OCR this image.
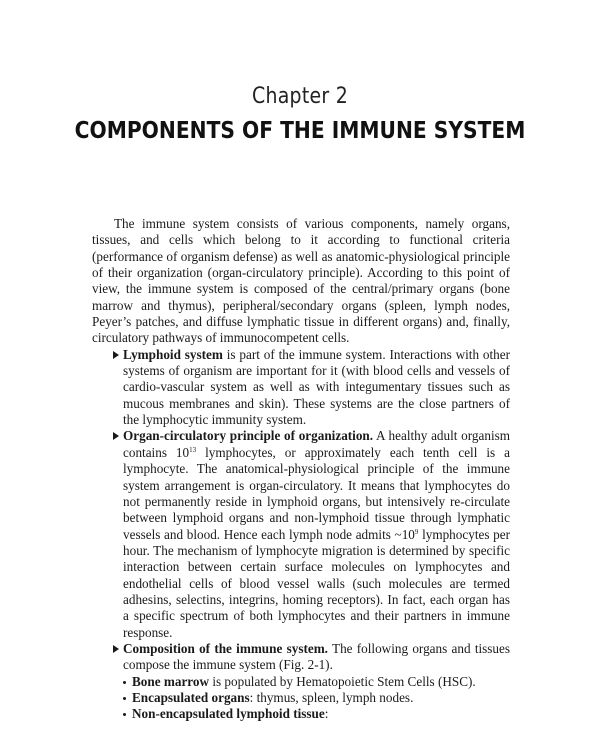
Chapter 2
COMPONENTS OF THE IMMUNE SYSTEM

The immune system consists of various components, namely organs, tissues, and cells which belong to it according to functional criteria (performance of organism defense) as well as anatomic-physiological principle of their organization (organ-circulatory principle). According to this point of view, the immune system is composed of the central/primary organs (bone marrow and thymus), peripheral/secondary organs (spleen, lymph nodes, Peyer’s patches, and diffuse lymphatic tissue in different organs) and, finally, circulatory pathways of immunocompetent cells.

Lymphoid system is part of the immune system. Interactions with other systems of organism are important for it (with blood cells and vessels of cardio-vascular system as well as with integumentary tissues such as mucous membranes and skin). These systems are the close partners of the lymphocytic immunity system.
Organ-circulatory principle of organization. A healthy adult organism contains $10^{13}$ lymphocytes, or approximately each tenth cell is a lymphocyte. The anatomical-physiological principle of the immune system arrangement is organ-circulatory. It means that lymphocytes do not permanently reside in lymphoid organs, but intensively re-circulate between lymphoid organs and non-lymphoid tissue through lymphatic vessels and blood. Hence each lymph node admits $\sim 10^9$ lymphocytes per hour. The mechanism of lymphocyte migration is determined by specific interaction between certain surface molecules on lymphocytes and endothelial cells of blood vessel walls (such molecules are termed adhesins, selectins, integrins, homing receptors). In fact, each organ has a specific spectrum of both lymphocytes and their partners in immune response.
Composition of the immune system. The following organs and tissues compose the immune system (Fig. 2-1).
Bone marrow is populated by Hematopoietic Stem Cells (HSC).
Encapsulated organs: thymus, spleen, lymph nodes.
Non-encapsulated lymphoid tissue:
